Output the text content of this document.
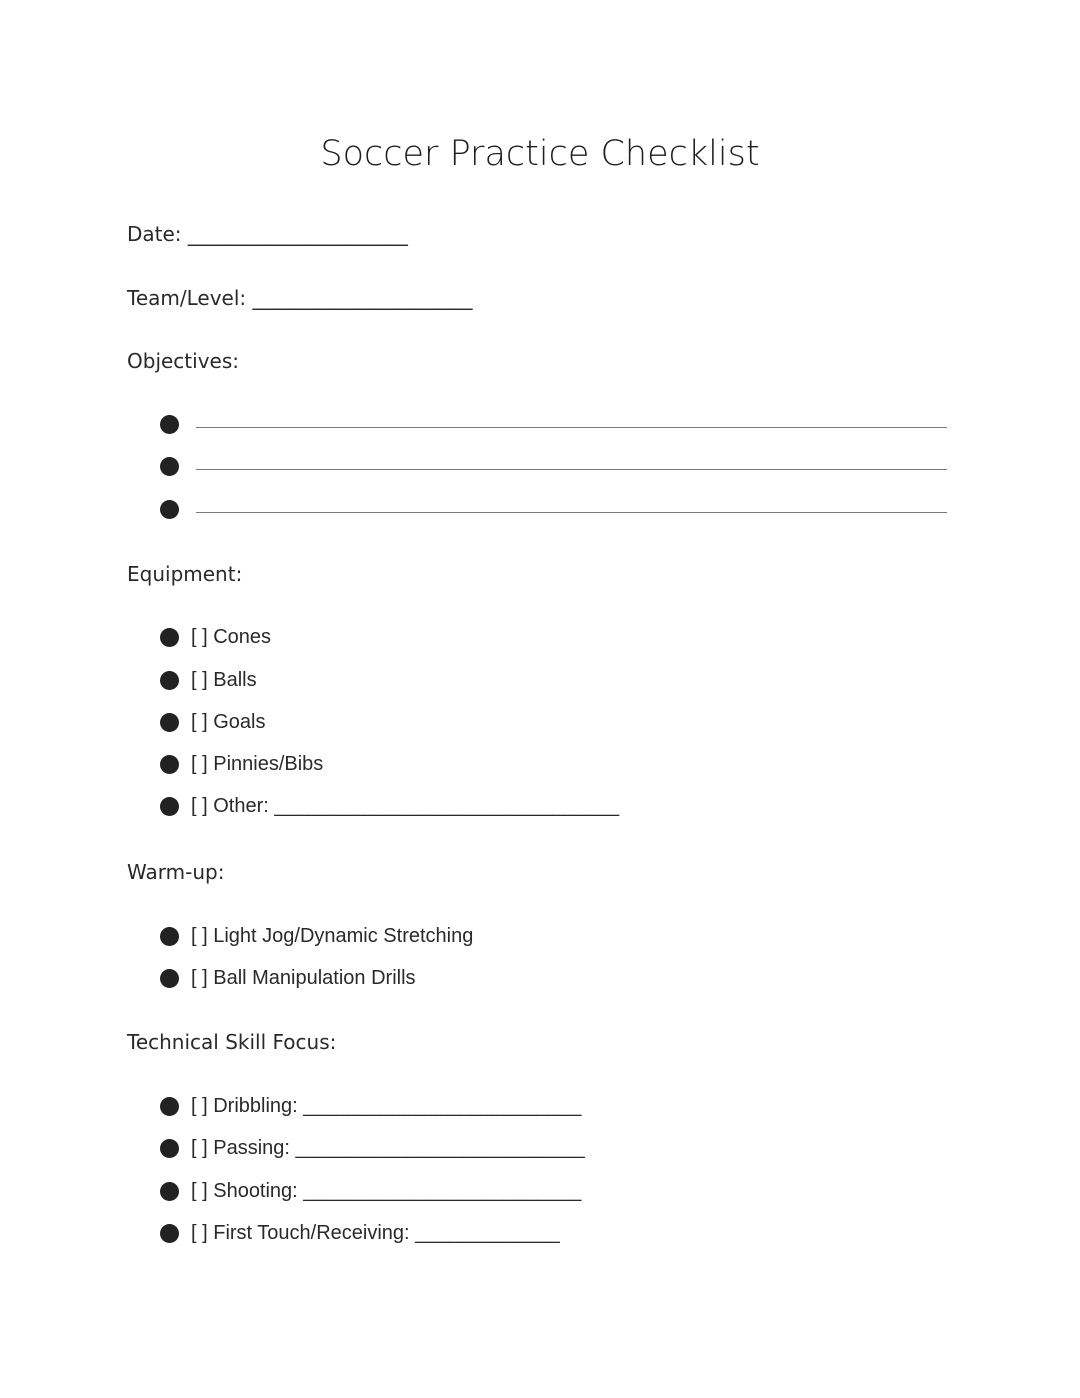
Soccer Practice Checklist
Date: ______________________
Team/Level: ______________________
Objectives:
Equipment:
[ ] Cones
[ ] Balls
[ ] Goals
[ ] Pinnies/Bibs
[ ] Other: _______________________________
Warm-up:
[ ] Light Jog/Dynamic Stretching
[ ] Ball Manipulation Drills
Technical Skill Focus:
[ ] Dribbling: _________________________
[ ] Passing: __________________________
[ ] Shooting: _________________________
[ ] First Touch/Receiving: _____________
